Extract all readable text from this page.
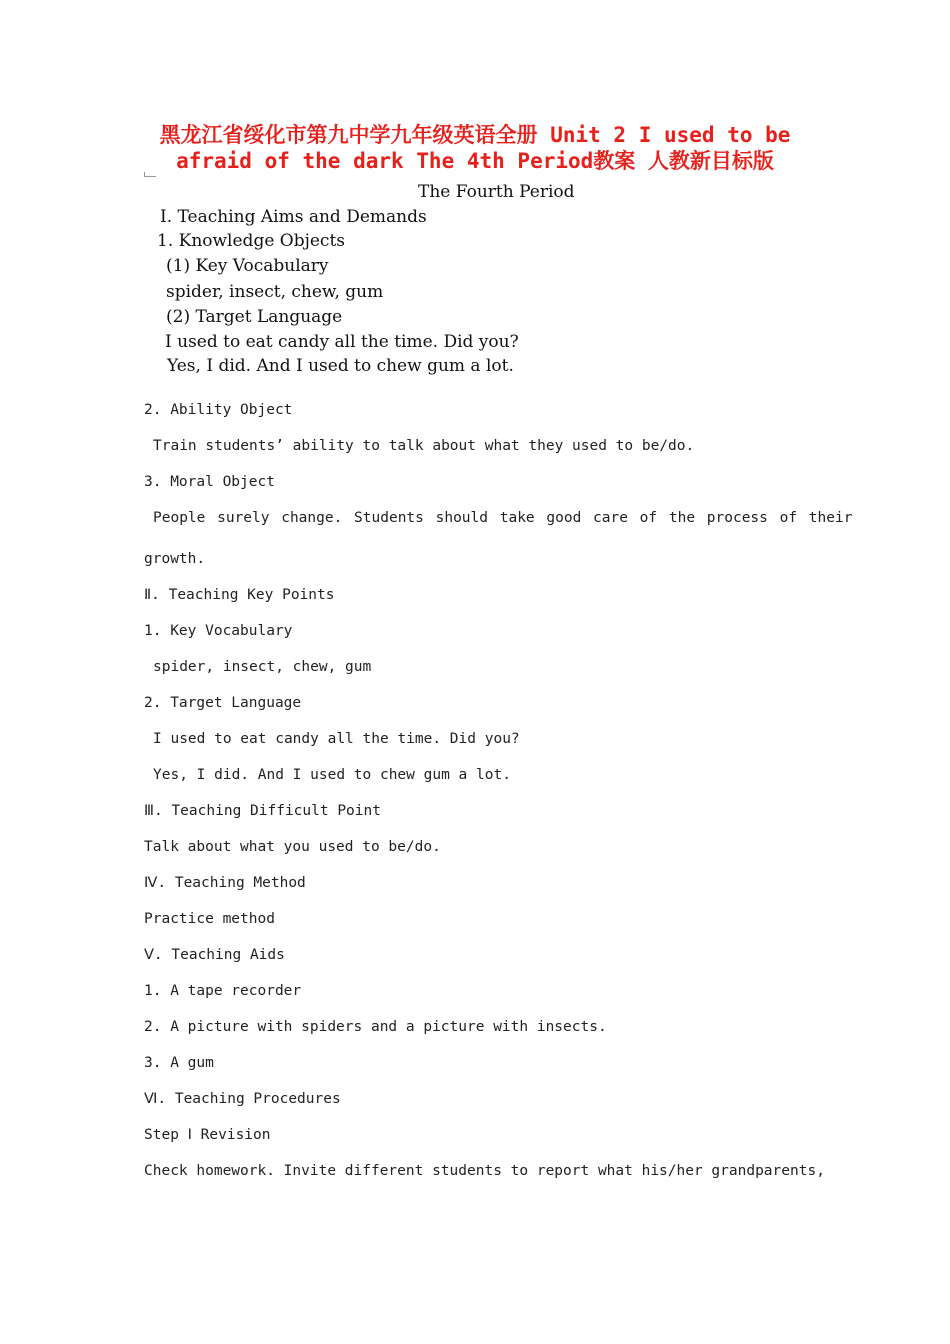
黑龙江省绥化市第九中学九年级英语全册 Unit 2 I used to be
afraid of the dark The 4th Period教案 人教新目标版
The Fourth Period
Ⅰ. Teaching Aims and Demands
1. Knowledge Objects
(1) Key Vocabulary
spider, insect, chew, gum
(2) Target Language
I used to eat candy all the time. Did you?
Yes, I did. And I used to chew gum a lot.
2. Ability Object
Train students’ ability to talk about what they used to be/do.
3. Moral Object
People surely change. Students should take good care of the process of their
growth.
Ⅱ. Teaching Key Points
1. Key Vocabulary
spider, insect, chew, gum
2. Target Language
I used to eat candy all the time. Did you?
Yes, I did. And I used to chew gum a lot.
Ⅲ. Teaching Difficult Point
Talk about what you used to be/do.
Ⅳ. Teaching Method
Practice method
Ⅴ. Teaching Aids
1. A tape recorder
2. A picture with spiders and a picture with insects.
3. A gum
Ⅵ. Teaching Procedures
Step Ⅰ Revision
Check homework. Invite different students to report what his/her grandparents,
